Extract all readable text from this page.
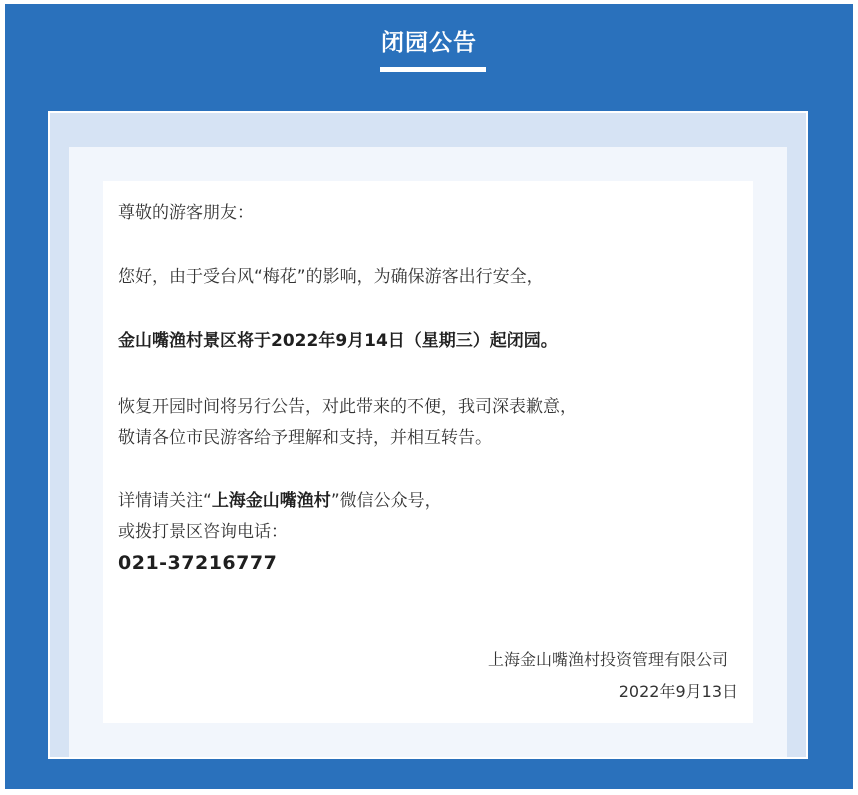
闭园公告
尊敬的游客朋友：
您好，由于受台风“梅花”的影响，为确保游客出行安全，
金山嘴渔村景区将于2022年9月14日（星期三）起闭园。
恢复开园时间将另行公告，对此带来的不便，我司深表歉意，
敬请各位市民游客给予理解和支持，并相互转告。
详情请关注“上海金山嘴渔村”微信公众号，
或拨打景区咨询电话：
021-37216777
上海金山嘴渔村投资管理有限公司
2022年9月13日
